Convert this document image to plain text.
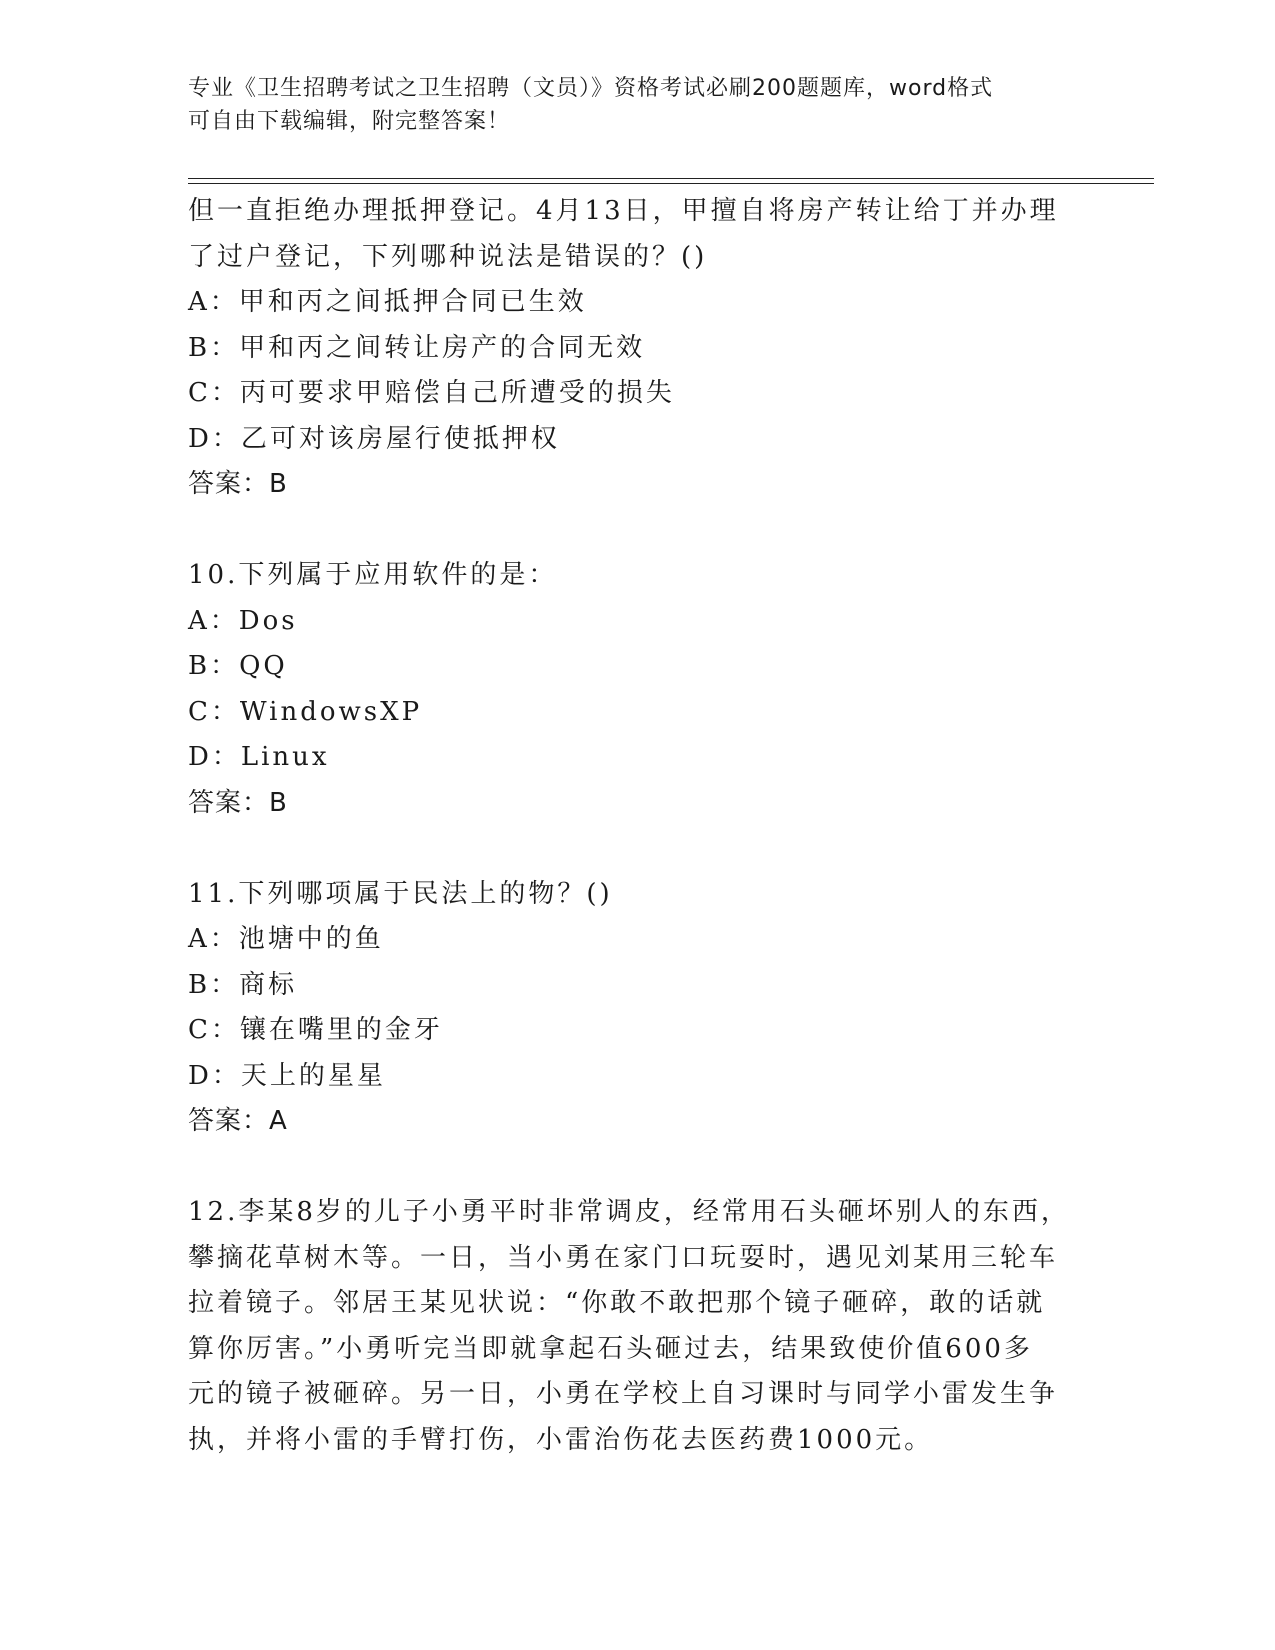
专业《卫生招聘考试之卫生招聘（文员）》资格考试必刷200题题库，word格式
可自由下载编辑，附完整答案！
但一直拒绝办理抵押登记。4月13日，甲擅自将房产转让给丁并办理
了过户登记，下列哪种说法是错误的？()
A：甲和丙之间抵押合同已生效
B：甲和丙之间转让房产的合同无效
C：丙可要求甲赔偿自己所遭受的损失
D：乙可对该房屋行使抵押权
答案：B
10.下列属于应用软件的是：
A：Dos
B：QQ
C：WindowsXP
D：Linux
答案：B
11.下列哪项属于民法上的物？()
A：池塘中的鱼
B：商标
C：镶在嘴里的金牙
D：天上的星星
答案：A
12.李某8岁的儿子小勇平时非常调皮，经常用石头砸坏别人的东西，
攀摘花草树木等。一日，当小勇在家门口玩耍时，遇见刘某用三轮车
拉着镜子。邻居王某见状说：“你敢不敢把那个镜子砸碎，敢的话就
算你厉害。”小勇听完当即就拿起石头砸过去，结果致使价值600多
元的镜子被砸碎。另一日，小勇在学校上自习课时与同学小雷发生争
执，并将小雷的手臂打伤，小雷治伤花去医药费1000元。
